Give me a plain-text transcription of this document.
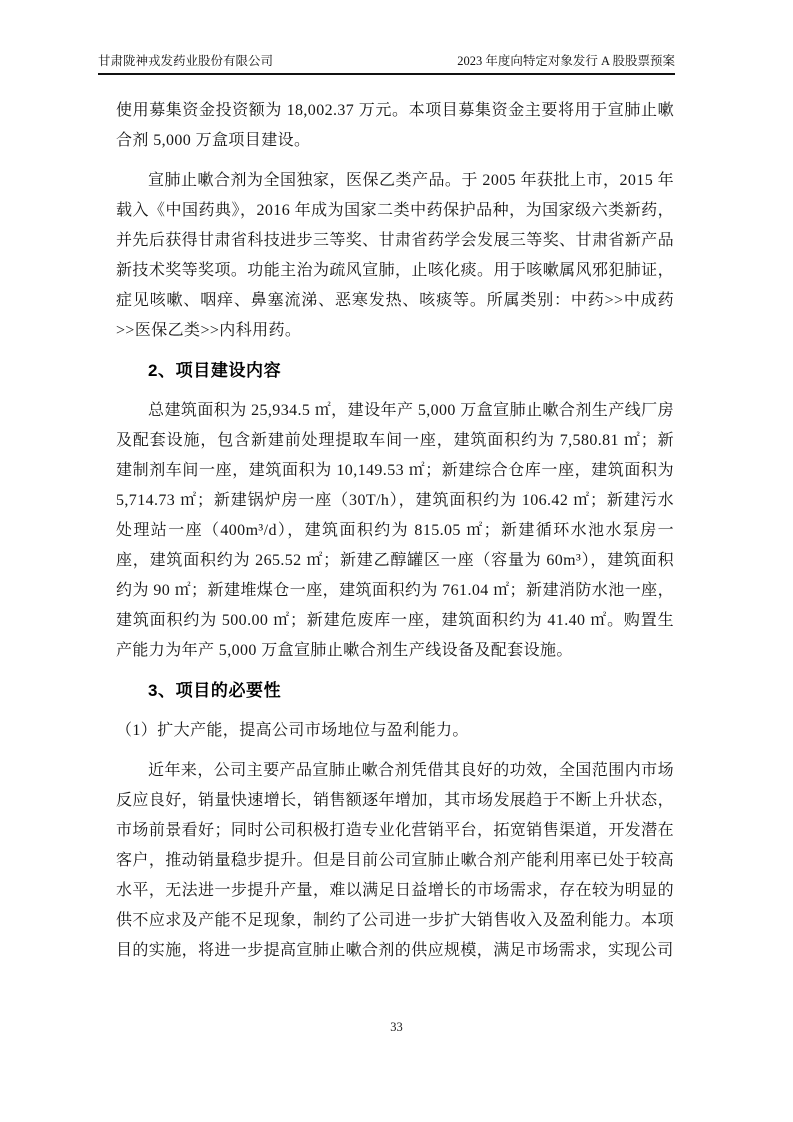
甘肃陇神戎发药业股份有限公司	2023 年度向特定对象发行 A 股股票预案

使用募集资金投资额为 18,002.37 万元。本项目募集资金主要将用于宣肺止嗽合剂 5,000 万盒项目建设。

宣肺止嗽合剂为全国独家，医保乙类产品。于 2005 年获批上市，2015 年载入《中国药典》，2016 年成为国家二类中药保护品种，为国家级六类新药，并先后获得甘肃省科技进步三等奖、甘肃省药学会发展三等奖、甘肃省新产品新技术奖等奖项。功能主治为疏风宣肺，止咳化痰。用于咳嗽属风邪犯肺证，症见咳嗽、咽痒、鼻塞流涕、恶寒发热、咳痰等。所属类别：中药>>中成药>>医保乙类>>内科用药。

2、项目建设内容

总建筑面积为 25,934.5 ㎡，建设年产 5,000 万盒宣肺止嗽合剂生产线厂房及配套设施，包含新建前处理提取车间一座，建筑面积约为 7,580.81 ㎡；新建制剂车间一座，建筑面积为 10,149.53 ㎡；新建综合仓库一座，建筑面积为 5,714.73 ㎡；新建锅炉房一座（30T/h），建筑面积约为 106.42 ㎡；新建污水处理站一座（400m³/d），建筑面积约为 815.05 ㎡；新建循环水池水泵房一座，建筑面积约为 265.52 ㎡；新建乙醇罐区一座（容量为 60m³），建筑面积约为 90 ㎡；新建堆煤仓一座，建筑面积约为 761.04 ㎡；新建消防水池一座，建筑面积约为 500.00 ㎡；新建危废库一座，建筑面积约为 41.40 ㎡。购置生产能力为年产 5,000 万盒宣肺止嗽合剂生产线设备及配套设施。

3、项目的必要性

（1）扩大产能，提高公司市场地位与盈利能力。

近年来，公司主要产品宣肺止嗽合剂凭借其良好的功效，全国范围内市场反应良好，销量快速增长，销售额逐年增加，其市场发展趋于不断上升状态，市场前景看好；同时公司积极打造专业化营销平台，拓宽销售渠道，开发潜在客户，推动销量稳步提升。但是目前公司宣肺止嗽合剂产能利用率已处于较高水平，无法进一步提升产量，难以满足日益增长的市场需求，存在较为明显的供不应求及产能不足现象，制约了公司进一步扩大销售收入及盈利能力。本项目的实施，将进一步提高宣肺止嗽合剂的供应规模，满足市场需求，实现公司

33
